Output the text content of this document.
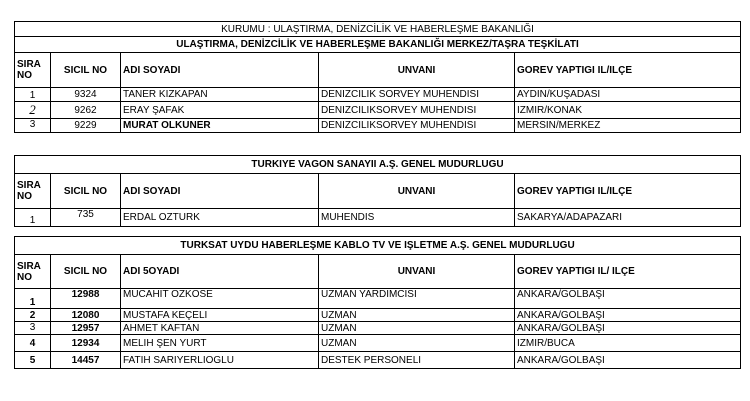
KURUMU : ULAŞTIRMA, DENİZCİLİK VE HABERLEŞME BAKANLIĞI				
ULAŞTIRMA, DENİZCİLİK VE HABERLEŞME BAKANLIĞI MERKEZ/TAŞRA TEŞKİLATI				
SIRA
NO	SICIL NO	ADI SOYADI	UNVANI	GOREV YAPTIGI IL/ILÇE
1	9324	TANER KIZKAPAN	DENIZCILIK SORVEY MUHENDISI	AYDIN/KUŞADASI
2	9262	ERAY ŞAFAK	DENIZCILIKSORVEY MUHENDISI	IZMIR/KONAK
3	9229	MURAT OLKUNER	DENIZCILIKSORVEY MUHENDISI	MERSIN/MERKEZ
TURKIYE VAGON SANAYII A.Ş. GENEL MUDURLUGU				
SIRA
NO	SICIL NO	ADI SOYADI	UNVANI	GOREV YAPTIGI IL/ILÇE
1	735	ERDAL OZTURK	MUHENDIS	SAKARYA/ADAPAZARI
TURKSAT UYDU HABERLEŞME KABLO TV VE IŞLETME A.Ş. GENEL MUDURLUGU				
SIRA
NO	SICIL NO	ADI 5OYADI	UNVANI	GOREV YAPTIGI IL/ ILÇE
1	12988	MUCAHIT OZKOSE	UZMAN YARDIMCISI	ANKARA/GOLBAŞI
2	12080	MUSTAFA KEÇELI	UZMAN	ANKARA/GOLBAŞI
3	12957	AHMET KAFTAN	UZMAN	ANKARA/GOLBAŞI
4	12934	MELIH ŞEN YURT	UZMAN	IZMIR/BUCA
5	14457	FATIH SARIYERLIOGLU	DESTEK PERSONELI	ANKARA/GOLBAŞI
